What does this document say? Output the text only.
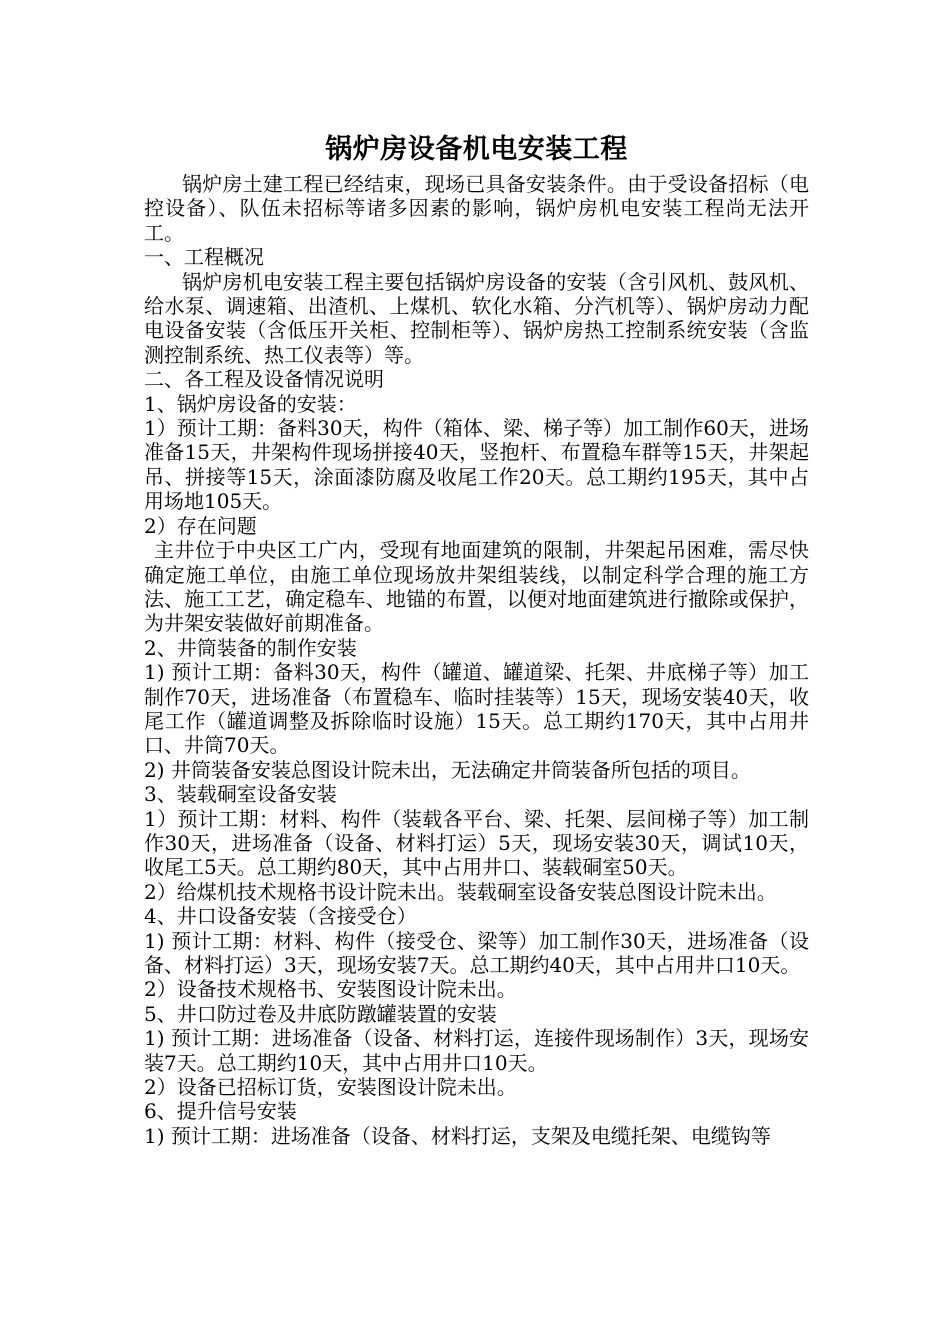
锅炉房设备机电安装工程

锅炉房土建工程已经结束，现场已具备安装条件。由于受设备招标（电控设备）、队伍未招标等诸多因素的影响，锅炉房机电安装工程尚无法开工。

一、工程概况

锅炉房机电安装工程主要包括锅炉房设备的安装（含引风机、鼓风机、给水泵、调速箱、出渣机、上煤机、软化水箱、分汽机等）、锅炉房动力配电设备安装（含低压开关柜、控制柜等）、锅炉房热工控制系统安装（含监测控制系统、热工仪表等）等。

二、各工程及设备情况说明

1、锅炉房设备的安装：

1）预计工期：备料30天，构件（箱体、梁、梯子等）加工制作60天，进场准备15天，井架构件现场拼接40天，竖抱杆、布置稳车群等15天，井架起吊、拼接等15天，涂面漆防腐及收尾工作20天。总工期约195天，其中占用场地105天。

2）存在问题

主井位于中央区工广内，受现有地面建筑的限制，井架起吊困难，需尽快确定施工单位，由施工单位现场放井架组装线，以制定科学合理的施工方法、施工工艺，确定稳车、地锚的布置，以便对地面建筑进行撤除或保护，为井架安装做好前期准备。

2、井筒装备的制作安装

1) 预计工期：备料30天，构件（罐道、罐道梁、托架、井底梯子等）加工制作70天，进场准备（布置稳车、临时挂装等）15天，现场安装40天，收尾工作（罐道调整及拆除临时设施）15天。总工期约170天，其中占用井口、井筒70天。

2) 井筒装备安装总图设计院未出，无法确定井筒装备所包括的项目。

3、装载硐室设备安装

1）预计工期：材料、构件（装载各平台、梁、托架、层间梯子等）加工制作30天，进场准备（设备、材料打运）5天，现场安装30天，调试10天，收尾工5天。总工期约80天，其中占用井口、装载硐室50天。

2）给煤机技术规格书设计院未出。装载硐室设备安装总图设计院未出。

4、井口设备安装（含接受仓）

1) 预计工期：材料、构件（接受仓、梁等）加工制作30天，进场准备（设备、材料打运）3天，现场安装7天。总工期约40天，其中占用井口10天。

2）设备技术规格书、安装图设计院未出。

5、井口防过卷及井底防蹾罐装置的安装

1) 预计工期：进场准备（设备、材料打运，连接件现场制作）3天，现场安装7天。总工期约10天，其中占用井口10天。

2）设备已招标订货，安装图设计院未出。

6、提升信号安装

1) 预计工期：进场准备（设备、材料打运，支架及电缆托架、电缆钩等
